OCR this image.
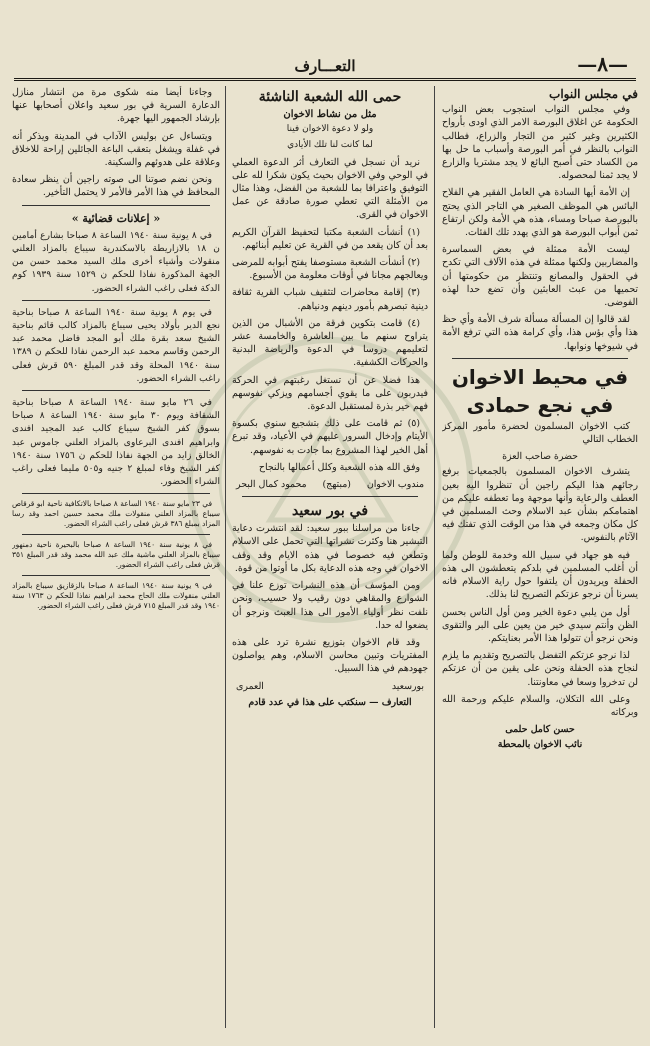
—٨—
التعـــارف
في مجلس النواب

وفي مجلس النواب استجوب بعض النواب الحكومة عن اغلاق البورصة الامر الذي اودى بأرواح الكثيرين وغير كثير من التجار والزراع، فطالب النواب بالنظر في أمر البورصة وأسباب ما حل بها من الكساد حتى أصبح البائع لا يجد مشتريا والزارع لا يجد ثمنا لمحصوله.

إن الأمة أيها السادة هي العامل الفقير هي الفلاح البائس هي الموظف الصغير هي التاجر الذي يحتج بالبورصة صباحا ومساء، هذه هي الأمة ولكن ارتفاع ثمن أبواب البورصة هو الذي يهدد تلك الفئات.

ليست الأمة ممثلة في بعض السماسرة والمضاربين ولكنها ممثلة في هذه الآلاف التي تكدح في الحقول والمصانع وتنتظر من حكومتها أن تحميها من عبث العابثين وأن تضع حدا لهذه الفوضى.

لقد قالوا إن المسألة مسألة شرف الأمة وأي حظ هذا وأي بؤس هذا، وأي كرامة هذه التي ترفع الأمة في شيوخها ونوابها.

في محيط الاخوان
في نجع حمادى

كتب الاخوان المسلمون لحضرة مأمور المركز الخطاب التالي

حضرة صاحب العزة

يتشرف الاخوان المسلمون بالجمعيات برفع رجائهم هذا اليكم راجين أن تنظروا اليه بعين العطف والرعاية وأنها موجهة وما تعطفه عليكم من اهتمامكم بشأن عبد الاسلام وحث المسلمين في كل مكان وجمعه في هذا من الوقت الذي تفتك فيه الآثام بالنفوس.

فيه هو جهاد في سبيل الله وخدمة للوطن ولما أن أغلب المسلمين في بلدكم يتعطشون الى هذه الحفلة ويريدون أن يلتفوا حول راية الاسلام فانه يسرنا أن نرجو عزتكم التصريح لنا بذلك.

أول من يلبي دعوة الخير ومن أول الناس بحسن الظن وأنتم سيدي خير من يعين على البر والتقوى ونحن نرجو أن تتولوا هذا الأمر بعنايتكم.

لذا نرجو عزتكم التفضل بالتصريح وتقديم ما يلزم لنجاح هذه الحفلة ونحن على يقين من أن عزتكم لن تدخروا وسعا في معاونتنا.

وعلى الله التكلان، والسلام عليكم ورحمة الله وبركاته

حسن كامل حلمى
نائب الاخوان بالمحطة
حمى الله الشعبة الناشئة
مثل من نشاط الاخوان
ولو لا دعوة الاخوان فينا
لما كانت لنا تلك الأيادي

نريد أن نسجل في التعارف أثر الدعوة العملي في الوحي وفي الاخوان بحيث يكون شكرا لله على التوفيق واعترافا بما للشعبة من الفضل، وهذا مثال من الأمثلة التي تعطي صورة صادقة عن عمل الاخوان في القرى.

(١) أنشأت الشعبة مكتبا لتحفيظ القرآن الكريم بعد أن كان يقعد من في القرية عن تعليم أبنائهم.

(٢) أنشأت الشعبة مستوصفا يفتح أبوابه للمرضى ويعالجهم مجانا في أوقات معلومة من الأسبوع.

(٣) إقامة محاضرات لتثقيف شباب القرية ثقافة دينية تبصرهم بأمور دينهم ودنياهم.

(٤) قامت بتكوين فرقة من الأشبال من الذين يتراوح سنهم ما بين العاشرة والخامسة عشر لتعليمهم دروسا في الدعوة والرياضة البدنية والحركات الكشفية.

هذا فضلا عن أن تستغل رغبتهم في الحركة فيدربون على ما يقوي أجسامهم ويزكي نفوسهم فهم خير بذرة لمستقبل الدعوة.

(٥) ثم قامت على ذلك بتشجيع سنوي بكسوة الأيتام وإدخال السرور عليهم في الأعياد، وقد تبرع أهل الخير لهذا المشروع بما جادت به نفوسهم.

وفق الله هذه الشعبة وكلل أعمالها بالنجاح

مندوب الاخوان
(مبتهج)
محمود كمال البحر
في بور سعيد

جاءنا من مراسلنا ببور سعيد: لقد انتشرت دعاية التبشير هنا وكثرت نشراتها التي تحمل على الاسلام وتطعن فيه خصوصا في هذه الايام وقد وقف الاخوان في وجه هذه الدعاية بكل ما أوتوا من قوة.

ومن المؤسف أن هذه النشرات توزع علنا في الشوارع والمقاهي دون رقيب ولا حسيب، ونحن نلفت نظر أولياء الأمور الى هذا العبث ونرجو أن يضعوا له حدا.

وقد قام الاخوان بتوزيع نشرة ترد على هذه المفتريات وتبين محاسن الاسلام، وهم يواصلون جهودهم في هذا السبيل.

بورسعيد
العمرى
التعارف — سنكتب على هذا في عدد قادم

وجاءنا أيضا منه شكوى مرة من انتشار منازل الدعارة السرية في بور سعيد واعلان أصحابها عنها بإرشاد الجمهور اليها جهرة.

ويتساءل عن بوليس الآداب في المدينة ويذكر أنه في غفلة ويشغل بتعقب الباعة الجائلين إراحة للاخلاق وعلاقة على هدوئهم والسكينة.

ونحن نضم صوتنا الى صوته راجين أن ينظر سعادة المحافظ في هذا الأمر فالأمر لا يحتمل التأخير.

« إعلانات قضائية »

في ٨ يونية سنة ١٩٤٠ الساعة ٨ صباحا بشارع أمامين ن ١٨ بالازاريطة بالاسكندرية سيباع بالمزاد العلني منقولات وأشياء أخرى ملك السيد محمد حسن من الجهة المذكورة نفاذا للحكم ن ١٥٢٩ سنة ١٩٣٩ كوم الدكة فعلى راغب الشراء الحضور.

في يوم ٨ يونية سنة ١٩٤٠ الساعة ٨ صباحا بناحية نجع الدير بأولاد يحيى سيباع بالمزاد كالب قائم بناحية الشيخ سعد بقرة ملك أبو المجد فاضل محمد عبد الرحمن وقاسم محمد عبد الرحمن نفاذا للحكم ن ١٣٨٩ سنة ١٩٤٠ المحلة وقد قدر المبلغ ٥٩٠ قرش فعلى راغب الشراء الحضور.

في ٢٦ مايو سنة ١٩٤٠ الساعة ٨ صباحا بناحية الشقافة ويوم ٣٠ مايو سنة ١٩٤٠ الساعة ٨ صباحا بسوق كفر الشيخ سيباع كالب عبد المجيد افندى وابراهيم افندى البرعاوى بالمزاد العلني جاموس عبد الخالق زايد من الجهة نفاذا للحكم ن ١٧٥٦ سنة ١٩٤٠ كفر الشيخ وفاء لمبلغ ٢ جنيه و٥٠٥ مليما فعلى راغب الشراء الحضور.

في ٢٣ مايو سنة ١٩٤٠ الساعة ٨ صباحا بالاتكافية ناحية ابو قرقاص سيباع بالمزاد العلني منقولات ملك محمد حسين احمد وقد رسا المزاد بمبلغ ٣٨٦ قرش فعلى راغب الشراء الحضور.

في ٨ يونية سنة ١٩٤٠ الساعة ٨ صباحا بالبحيرة ناحية دمنهور سيباع بالمزاد العلني ماشية ملك عبد الله محمد وقد قدر المبلغ ٣٥١ قرش فعلى راغب الشراء الحضور.

في ٩ يونية سنة ١٩٤٠ الساعة ٨ صباحا بالزقازيق سيباع بالمزاد العلني منقولات ملك الحاج محمد ابراهيم نفاذا للحكم ن ١٧٦٣ سنة ١٩٤٠ وقد قدر المبلغ ٧١٥ قرش فعلى راغب الشراء الحضور.
